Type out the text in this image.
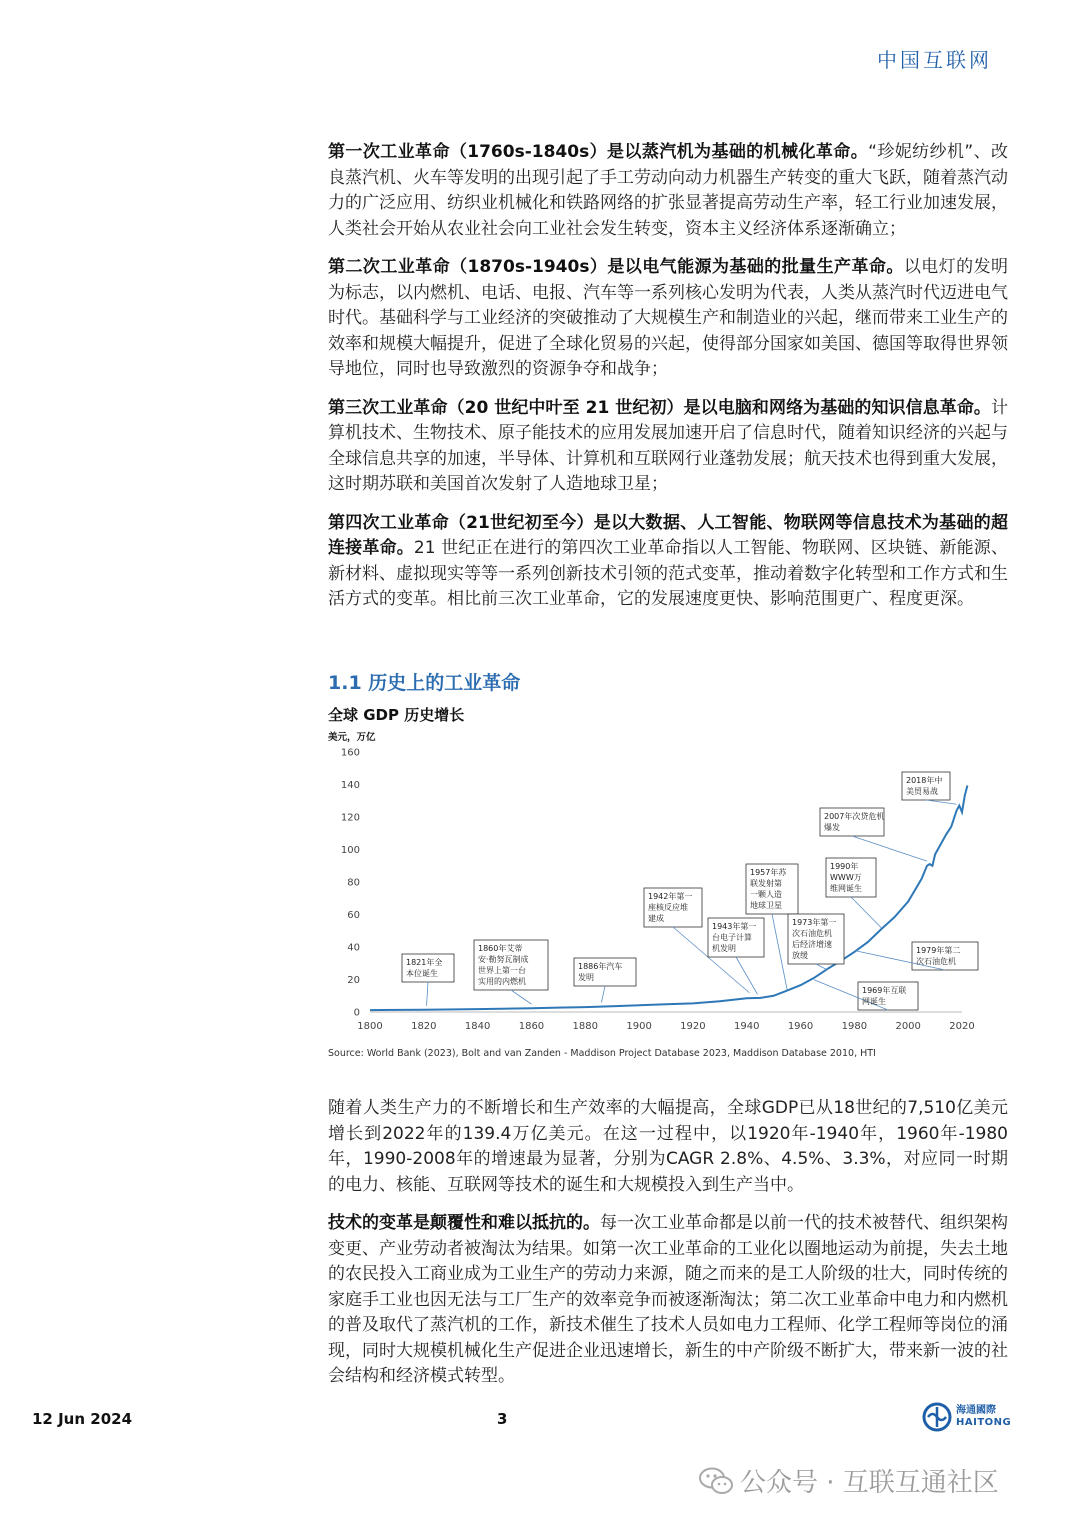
中国互联网

第一次工业革命（1760s-1840s）是以蒸汽机为基础的机械化革命。“珍妮纺纱机”、改良蒸汽机、火车等发明的出现引起了手工劳动向动力机器生产转变的重大飞跃，随着蒸汽动力的广泛应用、纺织业机械化和铁路网络的扩张显著提高劳动生产率，轻工行业加速发展，人类社会开始从农业社会向工业社会发生转变，资本主义经济体系逐渐确立；

第二次工业革命（1870s-1940s）是以电气能源为基础的批量生产革命。以电灯的发明为标志，以内燃机、电话、电报、汽车等一系列核心发明为代表，人类从蒸汽时代迈进电气时代。基础科学与工业经济的突破推动了大规模生产和制造业的兴起，继而带来工业生产的效率和规模大幅提升，促进了全球化贸易的兴起，使得部分国家如美国、德国等取得世界领导地位，同时也导致激烈的资源争夺和战争；

第三次工业革命（20 世纪中叶至 21 世纪初）是以电脑和网络为基础的知识信息革命。计算机技术、生物技术、原子能技术的应用发展加速开启了信息时代，随着知识经济的兴起与全球信息共享的加速，半导体、计算机和互联网行业蓬勃发展；航天技术也得到重大发展，这时期苏联和美国首次发射了人造地球卫星；

第四次工业革命（21世纪初至今）是以大数据、人工智能、物联网等信息技术为基础的超连接革命。21 世纪正在进行的第四次工业革命指以人工智能、物联网、区块链、新能源、新材料、虚拟现实等等一系列创新技术引领的范式变革，推动着数字化转型和工作方式和生活方式的变革。相比前三次工业革命，它的发展速度更快、影响范围更广、程度更深。

1.1 历史上的工业革命
全球 GDP 历史增长
美元，万亿
0
20
40
60
80
100
120
140
160
1800	1820	1840	1860	1880	1900	1920	1940	1960	1980	2000	2020
1821年全
本位诞生
1860年艾蒂
安·勒努瓦制成
世界上第一台
实用的内燃机
1886年汽车
发明
1942年第一
座核反应堆
建成
1943年第一
台电子计算
机发明
1957年苏
联发射第
一颗人造
地球卫星
1969年互联
网诞生
1973年第一
次石油危机
后经济增速
放缓
1979年第二
次石油危机
1990年
WWW万
维网诞生
2007年次贷危机
爆发
2018年中
美贸易战
Source: World Bank (2023), Bolt and van Zanden - Maddison Project Database 2023, Maddison Database 2010, HTI

随着人类生产力的不断增长和生产效率的大幅提高，全球GDP已从18世纪的7,510亿美元增长到2022年的139.4万亿美元。在这一过程中，以1920年-1940年，1960年-1980年，1990-2008年的增速最为显著，分别为CAGR 2.8%、4.5%、3.3%，对应同一时期的电力、核能、互联网等技术的诞生和大规模投入到生产当中。

技术的变革是颠覆性和难以抵抗的。每一次工业革命都是以前一代的技术被替代、组织架构变更、产业劳动者被淘汰为结果。如第一次工业革命的工业化以圈地运动为前提，失去土地的农民投入工商业成为工业生产的劳动力来源，随之而来的是工人阶级的壮大，同时传统的家庭手工业也因无法与工厂生产的效率竞争而被逐渐淘汰；第二次工业革命中电力和内燃机的普及取代了蒸汽机的工作，新技术催生了技术人员如电力工程师、化学工程师等岗位的涌现，同时大规模机械化生产促进企业迅速增长，新生的中产阶级不断扩大，带来新一波的社会结构和经济模式转型。

12 Jun 2024	3	海通國際
HAITONG
公众号 · 互联互通社区
